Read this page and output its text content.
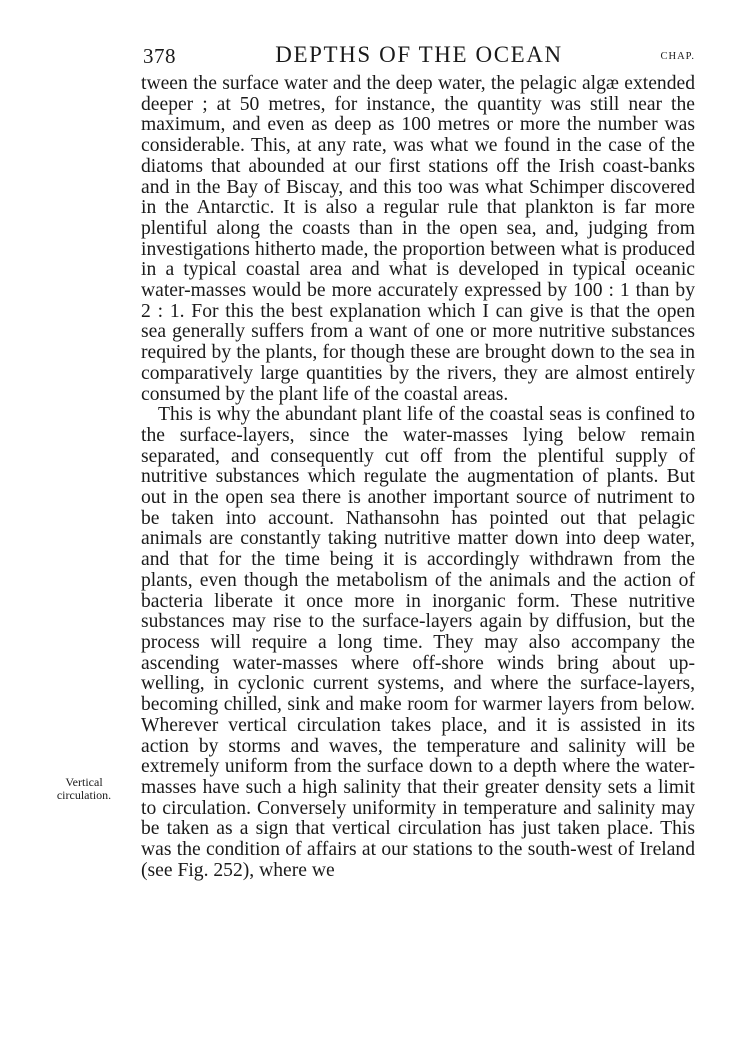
378	DEPTHS OF THE OCEAN	CHAP.
Vertical
circulation.

tween the surface water and the deep water, the pelagic algæ extended deeper ; at 50 metres, for instance, the quantity was still near the maximum, and even as deep as 100 metres or more the number was considerable. This, at any rate, was what we found in the case of the diatoms that abounded at our first stations off the Irish coast-banks and in the Bay of Biscay, and this too was what Schimper discovered in the Antarctic. It is also a regular rule that plankton is far more plentiful along the coasts than in the open sea, and, judging from investigations hitherto made, the proportion between what is produced in a typical coastal area and what is developed in typical oceanic water-masses would be more accurately expressed by 100 : 1 than by 2 : 1. For this the best explanation which I can give is that the open sea generally suffers from a want of one or more nutritive substances required by the plants, for though these are brought down to the sea in comparatively large quantities by the rivers, they are almost entirely consumed by the plant life of the coastal areas.

This is why the abundant plant life of the coastal seas is confined to the surface-layers, since the water-masses lying below remain separated, and consequently cut off from the plentiful supply of nutritive substances which regulate the augmentation of plants. But out in the open sea there is another important source of nutriment to be taken into account. Nathansohn has pointed out that pelagic animals are constantly taking nutritive matter down into deep water, and that for the time being it is accordingly withdrawn from the plants, even though the metabolism of the animals and the action of bacteria liberate it once more in inorganic form. These nutritive substances may rise to the surface-layers again by diffusion, but the process will require a long time. They may also accompany the ascending water-masses where off-shore winds bring about up-welling, in cyclonic current systems, and where the surface-layers, becoming chilled, sink and make room for warmer layers from below. Wherever vertical circulation takes place, and it is assisted in its action by storms and waves, the temperature and salinity will be extremely uniform from the surface down to a depth where the water-masses have such a high salinity that their greater density sets a limit to circulation. Conversely uniformity in temperature and salinity may be taken as a sign that vertical circulation has just taken place. This was the condition of affairs at our stations to the south-west of Ireland (see Fig. 252), where we
